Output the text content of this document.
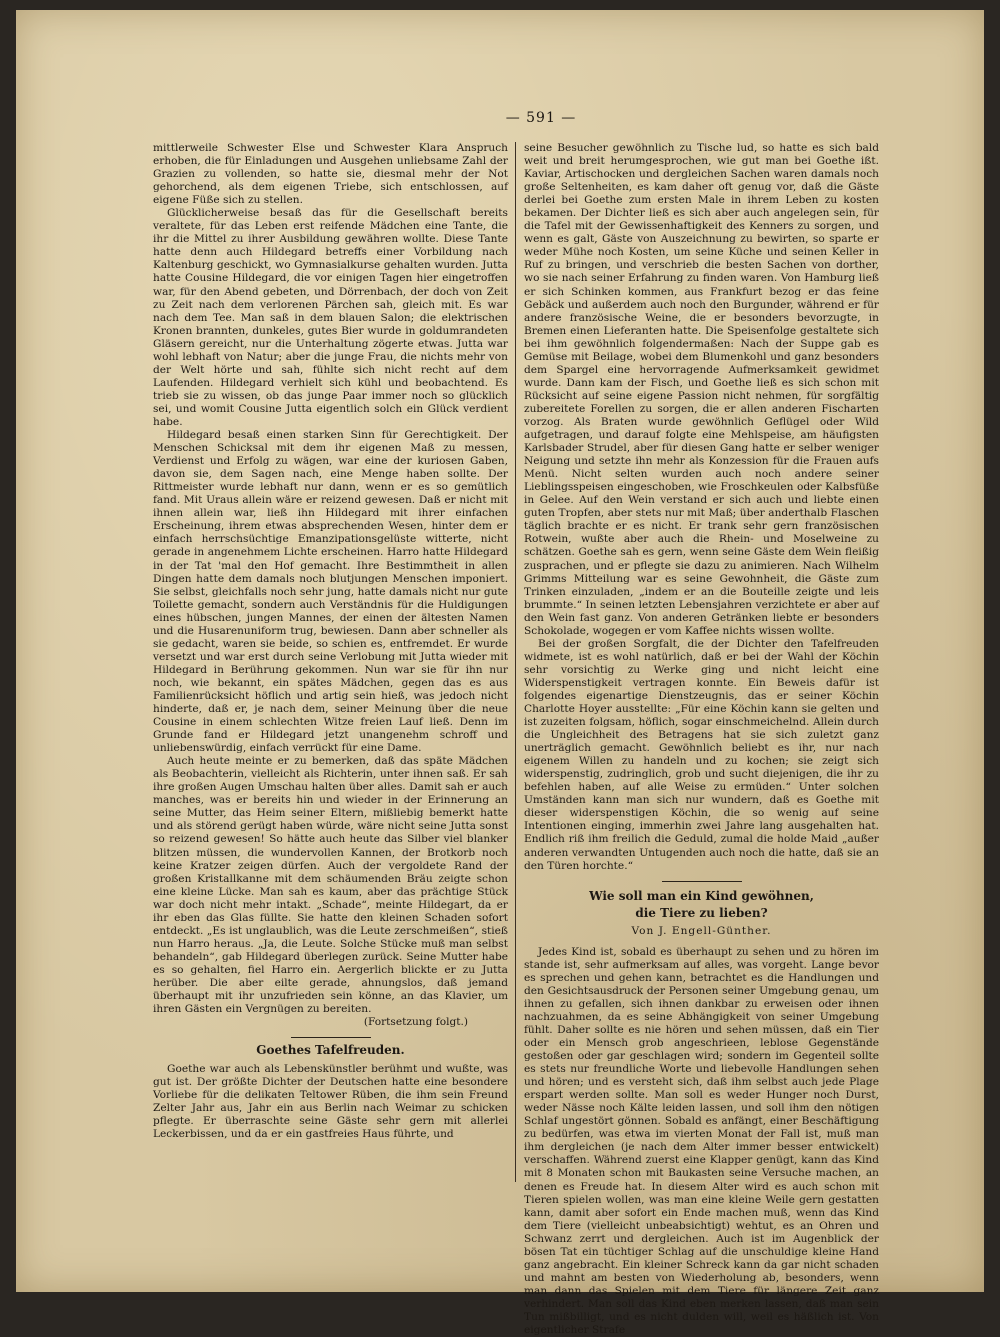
— 591 —

mittlerweile Schwester Else und Schwester Klara Anspruch erhoben, die für Einladungen und Ausgehen unliebsame Zahl der Grazien zu vollenden, so hatte sie, diesmal mehr der Not gehorchend, als dem eigenen Triebe, sich entschlossen, auf eigene Füße sich zu stellen.

Glücklicherweise besaß das für die Gesellschaft bereits veraltete, für das Leben erst reifende Mädchen eine Tante, die ihr die Mittel zu ihrer Ausbildung gewähren wollte. Diese Tante hatte denn auch Hildegard betreffs einer Vorbildung nach Kaltenburg geschickt, wo Gymnasialkurse gehalten wurden. Jutta hatte Cousine Hildegard, die vor einigen Tagen hier eingetroffen war, für den Abend gebeten, und Dörrenbach, der doch von Zeit zu Zeit nach dem verlorenen Pärchen sah, gleich mit. Es war nach dem Tee. Man saß in dem blauen Salon; die elektrischen Kronen brannten, dunkeles, gutes Bier wurde in goldumrandeten Gläsern gereicht, nur die Unterhaltung zögerte etwas. Jutta war wohl lebhaft von Natur; aber die junge Frau, die nichts mehr von der Welt hörte und sah, fühlte sich nicht recht auf dem Laufenden. Hildegard verhielt sich kühl und beobachtend. Es trieb sie zu wissen, ob das junge Paar immer noch so glücklich sei, und womit Cousine Jutta eigentlich solch ein Glück verdient habe.

Hildegard besaß einen starken Sinn für Gerechtigkeit. Der Menschen Schicksal mit dem ihr eigenen Maß zu messen, Verdienst und Erfolg zu wägen, war eine der kuriosen Gaben, davon sie, dem Sagen nach, eine Menge haben sollte. Der Rittmeister wurde lebhaft nur dann, wenn er es so gemütlich fand. Mit Uraus allein wäre er reizend gewesen. Daß er nicht mit ihnen allein war, ließ ihn Hildegard mit ihrer einfachen Erscheinung, ihrem etwas absprechenden Wesen, hinter dem er einfach herrschsüchtige Emanzipationsgelüste witterte, nicht gerade in angenehmem Lichte erscheinen. Harro hatte Hildegard in der Tat 'mal den Hof gemacht. Ihre Bestimmtheit in allen Dingen hatte dem damals noch blutjungen Menschen imponiert. Sie selbst, gleichfalls noch sehr jung, hatte damals nicht nur gute Toilette gemacht, sondern auch Verständnis für die Huldigungen eines hübschen, jungen Mannes, der einen der ältesten Namen und die Husarenuniform trug, bewiesen. Dann aber schneller als sie gedacht, waren sie beide, so schien es, entfremdet. Er wurde versetzt und war erst durch seine Verlobung mit Jutta wieder mit Hildegard in Berührung gekommen. Nun war sie für ihn nur noch, wie bekannt, ein spätes Mädchen, gegen das es aus Familienrücksicht höflich und artig sein hieß, was jedoch nicht hinderte, daß er, je nach dem, seiner Meinung über die neue Cousine in einem schlechten Witze freien Lauf ließ. Denn im Grunde fand er Hildegard jetzt unangenehm schroff und unliebenswürdig, einfach verrückt für eine Dame.

Auch heute meinte er zu bemerken, daß das späte Mädchen als Beobachterin, vielleicht als Richterin, unter ihnen saß. Er sah ihre großen Augen Umschau halten über alles. Damit sah er auch manches, was er bereits hin und wieder in der Erinnerung an seine Mutter, das Heim seiner Eltern, mißliebig bemerkt hatte und als störend gerügt haben würde, wäre nicht seine Jutta sonst so reizend gewesen! So hätte auch heute das Silber viel blanker blitzen müssen, die wundervollen Kannen, der Brotkorb noch keine Kratzer zeigen dürfen. Auch der vergoldete Rand der großen Kristallkanne mit dem schäumenden Bräu zeigte schon eine kleine Lücke. Man sah es kaum, aber das prächtige Stück war doch nicht mehr intakt. „Schade“, meinte Hildegart, da er ihr eben das Glas füllte. Sie hatte den kleinen Schaden sofort entdeckt. „Es ist unglaublich, was die Leute zerschmeißen“, stieß nun Harro heraus. „Ja, die Leute. Solche Stücke muß man selbst behandeln“, gab Hildegard überlegen zurück. Seine Mutter habe es so gehalten, fiel Harro ein. Aergerlich blickte er zu Jutta herüber. Die aber eilte gerade, ahnungslos, daß jemand überhaupt mit ihr unzufrieden sein könne, an das Klavier, um ihren Gästen ein Vergnügen zu bereiten.

(Fortsetzung folgt.)

Goethes Tafelfreuden.

Goethe war auch als Lebenskünstler berühmt und wußte, was gut ist. Der größte Dichter der Deutschen hatte eine besondere Vorliebe für die delikaten Teltower Rüben, die ihm sein Freund Zelter Jahr aus, Jahr ein aus Berlin nach Weimar zu schicken pflegte. Er überraschte seine Gäste sehr gern mit allerlei Leckerbissen, und da er ein gastfreies Haus führte, und

seine Besucher gewöhnlich zu Tische lud, so hatte es sich bald weit und breit herumgesprochen, wie gut man bei Goethe ißt. Kaviar, Artischocken und dergleichen Sachen waren damals noch große Seltenheiten, es kam daher oft genug vor, daß die Gäste derlei bei Goethe zum ersten Male in ihrem Leben zu kosten bekamen. Der Dichter ließ es sich aber auch angelegen sein, für die Tafel mit der Gewissenhaftigkeit des Kenners zu sorgen, und wenn es galt, Gäste von Auszeichnung zu bewirten, so sparte er weder Mühe noch Kosten, um seine Küche und seinen Keller in Ruf zu bringen, und verschrieb die besten Sachen von dorther, wo sie nach seiner Erfahrung zu finden waren. Von Hamburg ließ er sich Schinken kommen, aus Frankfurt bezog er das feine Gebäck und außerdem auch noch den Burgunder, während er für andere französische Weine, die er besonders bevorzugte, in Bremen einen Lieferanten hatte. Die Speisenfolge gestaltete sich bei ihm gewöhnlich folgendermaßen: Nach der Suppe gab es Gemüse mit Beilage, wobei dem Blumenkohl und ganz besonders dem Spargel eine hervorragende Aufmerksamkeit gewidmet wurde. Dann kam der Fisch, und Goethe ließ es sich schon mit Rücksicht auf seine eigene Passion nicht nehmen, für sorgfältig zubereitete Forellen zu sorgen, die er allen anderen Fischarten vorzog. Als Braten wurde gewöhnlich Geflügel oder Wild aufgetragen, und darauf folgte eine Mehlspeise, am häufigsten Karlsbader Strudel, aber für diesen Gang hatte er selber weniger Neigung und setzte ihn mehr als Konzession für die Frauen aufs Menü. Nicht selten wurden auch noch andere seiner Lieblingsspeisen eingeschoben, wie Froschkeulen oder Kalbsfüße in Gelee. Auf den Wein verstand er sich auch und liebte einen guten Tropfen, aber stets nur mit Maß; über anderthalb Flaschen täglich brachte er es nicht. Er trank sehr gern französischen Rotwein, wußte aber auch die Rhein- und Moselweine zu schätzen. Goethe sah es gern, wenn seine Gäste dem Wein fleißig zusprachen, und er pflegte sie dazu zu animieren. Nach Wilhelm Grimms Mitteilung war es seine Gewohnheit, die Gäste zum Trinken einzuladen, „indem er an die Bouteille zeigte und leis brummte.“ In seinen letzten Lebensjahren verzichtete er aber auf den Wein fast ganz. Von anderen Getränken liebte er besonders Schokolade, wogegen er vom Kaffee nichts wissen wollte.

Bei der großen Sorgfalt, die der Dichter den Tafelfreuden widmete, ist es wohl natürlich, daß er bei der Wahl der Köchin sehr vorsichtig zu Werke ging und nicht leicht eine Widerspenstigkeit vertragen konnte. Ein Beweis dafür ist folgendes eigenartige Dienstzeugnis, das er seiner Köchin Charlotte Hoyer ausstellte: „Für eine Köchin kann sie gelten und ist zuzeiten folgsam, höflich, sogar einschmeichelnd. Allein durch die Ungleichheit des Betragens hat sie sich zuletzt ganz unerträglich gemacht. Gewöhnlich beliebt es ihr, nur nach eigenem Willen zu handeln und zu kochen; sie zeigt sich widerspenstig, zudringlich, grob und sucht diejenigen, die ihr zu befehlen haben, auf alle Weise zu ermüden.“ Unter solchen Umständen kann man sich nur wundern, daß es Goethe mit dieser widerspenstigen Köchin, die so wenig auf seine Intentionen einging, immerhin zwei Jahre lang ausgehalten hat. Endlich riß ihm freilich die Geduld, zumal die holde Maid „außer anderen verwandten Untugenden auch noch die hatte, daß sie an den Türen horchte.“

Wie soll man ein Kind gewöhnen,
die Tiere zu lieben?
Von J. Engell-Günther.

Jedes Kind ist, sobald es überhaupt zu sehen und zu hören im stande ist, sehr aufmerksam auf alles, was vorgeht. Lange bevor es sprechen und gehen kann, betrachtet es die Handlungen und den Gesichtsausdruck der Personen seiner Umgebung genau, um ihnen zu gefallen, sich ihnen dankbar zu erweisen oder ihnen nachzuahmen, da es seine Abhängigkeit von seiner Umgebung fühlt. Daher sollte es nie hören und sehen müssen, daß ein Tier oder ein Mensch grob angeschrieen, leblose Gegenstände gestoßen oder gar geschlagen wird; sondern im Gegenteil sollte es stets nur freundliche Worte und liebevolle Handlungen sehen und hören; und es versteht sich, daß ihm selbst auch jede Plage erspart werden sollte. Man soll es weder Hunger noch Durst, weder Nässe noch Kälte leiden lassen, und soll ihm den nötigen Schlaf ungestört gönnen. Sobald es anfängt, einer Beschäftigung zu bedürfen, was etwa im vierten Monat der Fall ist, muß man ihm dergleichen (je nach dem Alter immer besser entwickelt) verschaffen. Während zuerst eine Klapper genügt, kann das Kind mit 8 Monaten schon mit Baukasten seine Versuche machen, an denen es Freude hat. In diesem Alter wird es auch schon mit Tieren spielen wollen, was man eine kleine Weile gern gestatten kann, damit aber sofort ein Ende machen muß, wenn das Kind dem Tiere (vielleicht unbeabsichtigt) wehtut, es an Ohren und Schwanz zerrt und dergleichen. Auch ist im Augenblick der bösen Tat ein tüchtiger Schlag auf die unschuldige kleine Hand ganz angebracht. Ein kleiner Schreck kann da gar nicht schaden und mahnt am besten von Wiederholung ab, besonders, wenn man dann das Spielen mit dem Tiere für längere Zeit ganz verhindert. Man soll das Kind eben merken lassen, daß man sein Tun mißbilligt, und es nicht dulden will, weil es häßlich ist. Von eigentlicher Strafe
